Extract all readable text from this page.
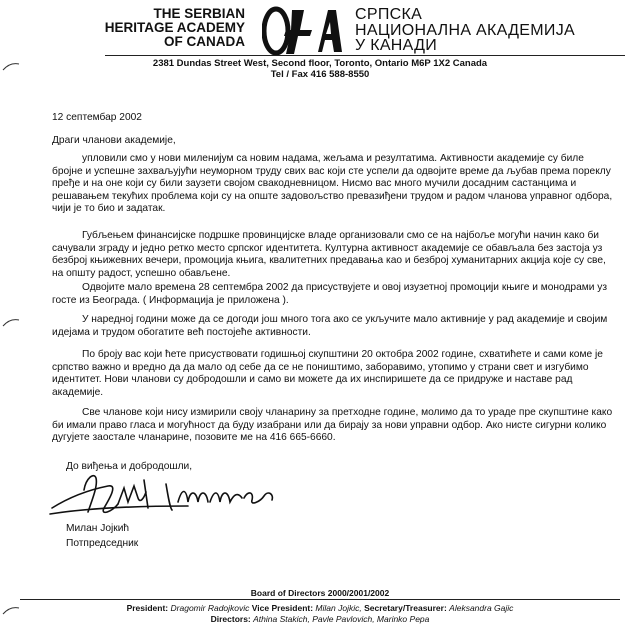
THE SERBIAN
HERITAGE ACADEMY
OF CANADA
СРПСКА
НАЦИОНАЛНА АКАДЕМИЈА
У КАНАДИ
2381 Dundas Street West, Second floor, Toronto, Ontario M6P 1X2 Canada
Tel / Fax 416 588-8550
12 септембар 2002
Драги чланови академије,
упловили смо у нови миленијум са новим надама, жељама и резултатима. Активности академије су биле бројне и успешне захваљујући неуморном труду свих вас који сте успели да одвојите време да љубав према пореклу пређе и на оне који су били заузети својом свакодневницом. Нисмо вас много мучили досадним састанцима и решавањем текућих проблема који су на опште задовољство превазиђени трудом и радом чланова управног одбора, чији је то био и задатак.
Губљењем финансијске подршке провинцијске владе организовали смо се на најбоље могући начин како би сачували зграду и једно ретко место српског идентитета. Културна активност академије се обављала без застоја уз безброј књижевних вечери, промоција књига, квалитетних предавања као и безброј хуманитарних акција које су све, на општу радост, успешно обављене.
Одвојите мало времена 28 септембра 2002 да присуствујете и овој изузетној промоцији књиге и монодрами уз госте из Београда. ( Информација је приложена ).
У наредној години може да се догоди још много тога ако се укључите мало активније у рад академије и својим идејама и трудом обогатите већ постојеће активности.
По броју вас који ћете присуствовати годишњој скупштини 20 октобра 2002 године, схватићете и сами коме је српство важно и вредно да да мало од себе да се не поништимо, заборавимо, утопимо у страни свет и изгубимо идентитет. Нови чланови су добродошли и само ви можете да их инспиришете да се придруже и наставе рад академије.
Све чланове који нису измирили своју чланарину за претходне године, молимо да то ураде пре скупштине како би имали право гласа и могућност да буду изабрани или да бирају за нови управни одбор. Ако нисте сигурни колико дугујете заостале чланарине, позовите ме на 416 665-6660.
До виђења и добродошли,
Милан Јојкић
Потпредседник
Board of Directors 2000/2001/2002
President: Dragomir Radojkovic Vice President: Milan Jojkic, Secretary/Treasurer: Aleksandra Gajic
Directors: Athina Stakich, Pavle Pavlovich, Marinko Pepa
